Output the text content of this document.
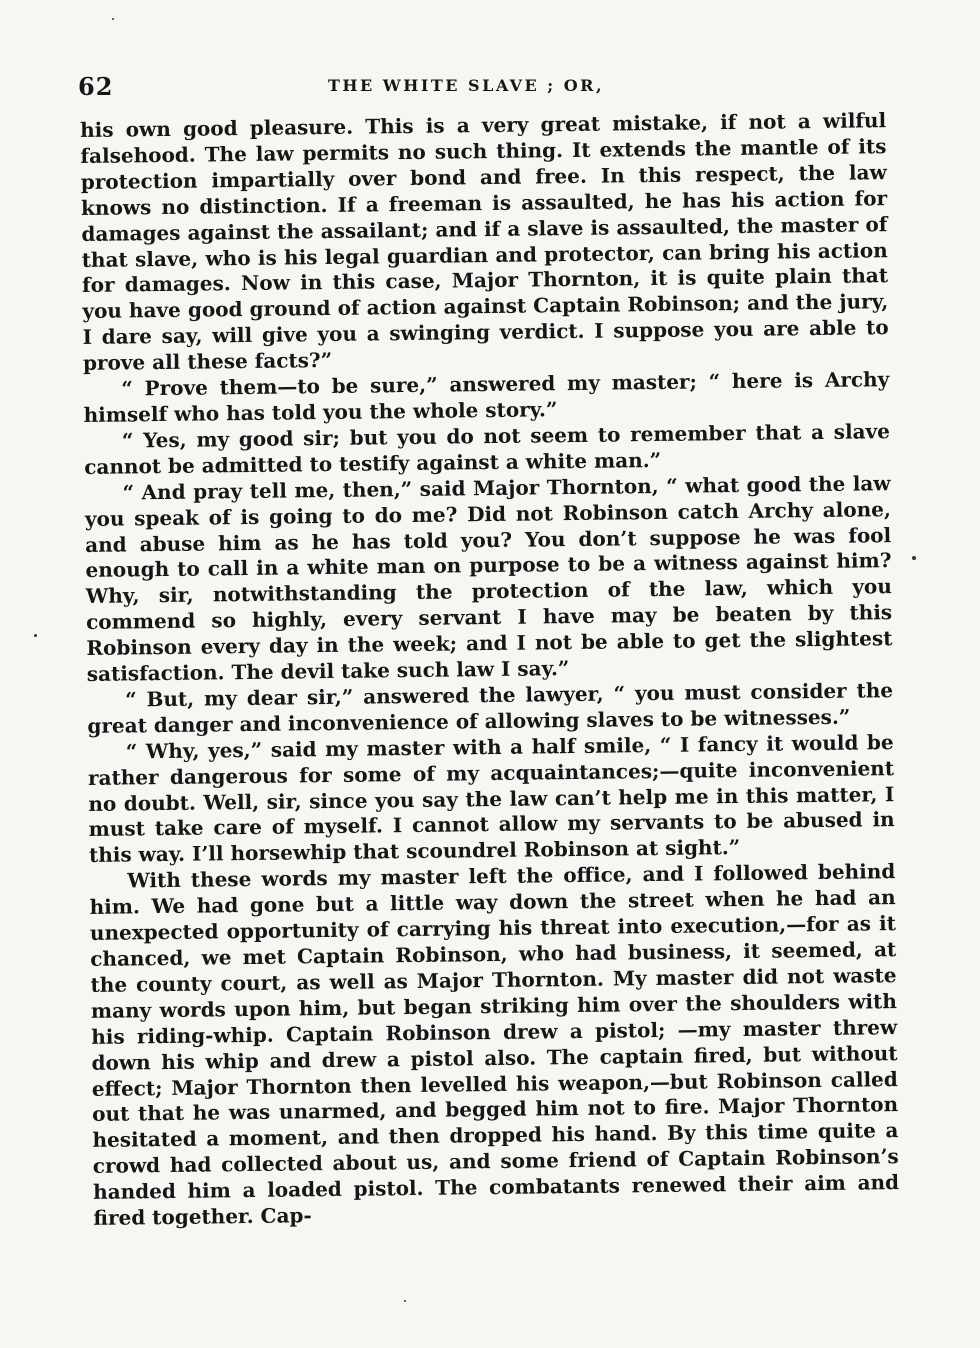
62	THE WHITE SLAVE ; OR,

his own good pleasure. This is a very great mistake, if not a wilful falsehood. The law permits no such thing. It extends the mantle of its protection impartially over bond and free. In this respect, the law knows no distinction. If a freeman is assaulted, he has his action for damages against the assailant; and if a slave is assaulted, the master of that slave, who is his legal guardian and protector, can bring his action for damages. Now in this case, Major Thornton, it is quite plain that you have good ground of action against Captain Robinson; and the jury, I dare say, will give you a swinging verdict. I suppose you are able to prove all these facts?”

“ Prove them—to be sure,” answered my master; “ here is Archy himself who has told you the whole story.”

“ Yes, my good sir; but you do not seem to remember that a slave cannot be admitted to testify against a white man.”

“ And pray tell me, then,” said Major Thornton, “ what good the law you speak of is going to do me? Did not Robinson catch Archy alone, and abuse him as he has told you? You don’t suppose he was fool enough to call in a white man on purpose to be a witness against him? Why, sir, notwithstanding the protection of the law, which you commend so highly, every servant I have may be beaten by this Robinson every day in the week; and I not be able to get the slightest satisfaction. The devil take such law I say.”

“ But, my dear sir,” answered the lawyer, “ you must consider the great danger and inconvenience of allowing slaves to be witnesses.”

“ Why, yes,” said my master with a half smile, “ I fancy it would be rather dangerous for some of my acquaintances;—quite inconvenient no doubt. Well, sir, since you say the law can’t help me in this matter, I must take care of myself. I cannot allow my servants to be abused in this way. I’ll horsewhip that scoundrel Robinson at sight.”

With these words my master left the office, and I followed behind him. We had gone but a little way down the street when he had an unexpected opportunity of carrying his threat into execution,—for as it chanced, we met Captain Robinson, who had business, it seemed, at the county court, as well as Major Thornton. My master did not waste many words upon him, but began striking him over the shoulders with his riding-whip. Captain Robinson drew a pistol; —my master threw down his whip and drew a pistol also. The captain fired, but without effect; Major Thornton then levelled his weapon,—but Robinson called out that he was unarmed, and begged him not to fire. Major Thornton hesitated a moment, and then dropped his hand. By this time quite a crowd had collected about us, and some friend of Captain Robinson’s handed him a loaded pistol. The combatants renewed their aim and fired together. Cap-
